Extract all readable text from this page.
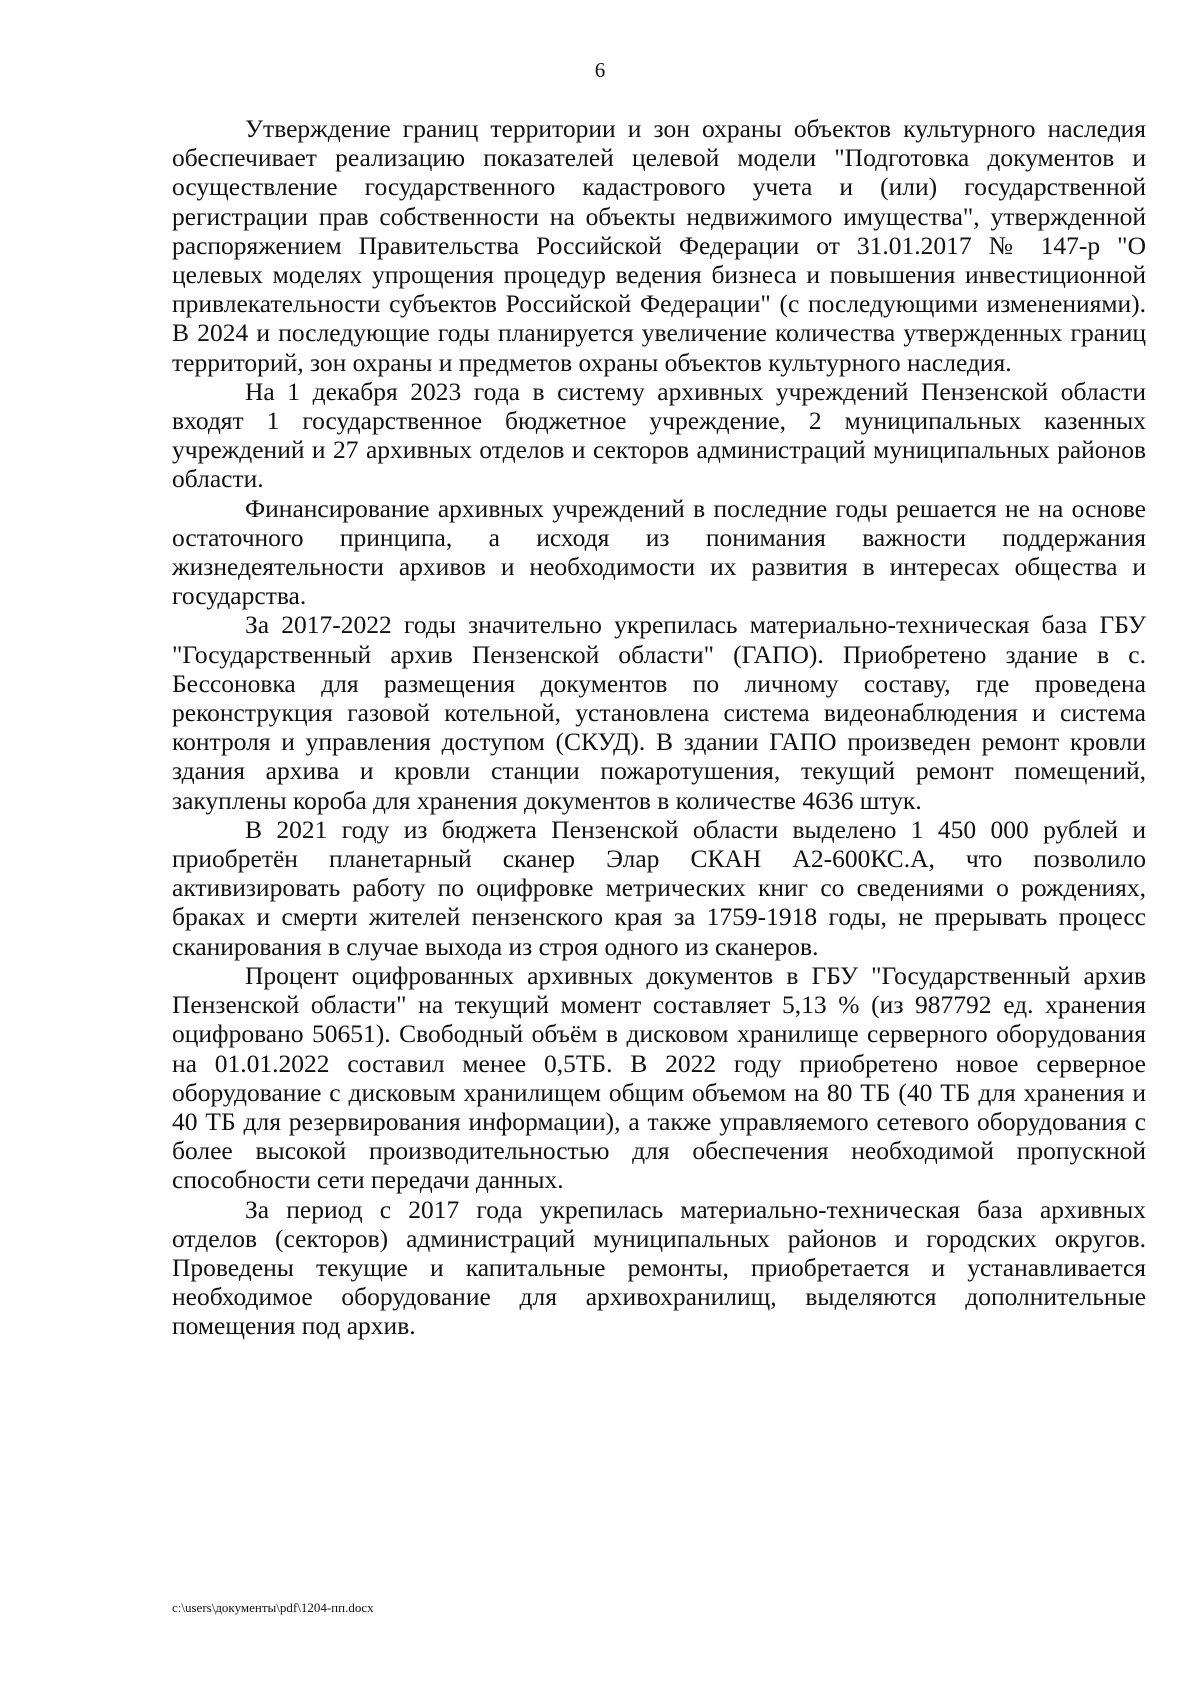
6

Утверждение границ территории и зон охраны объектов культурного наследия обеспечивает реализацию показателей целевой модели "Подготовка документов и осуществление государственного кадастрового учета и (или) государственной регистрации прав собственности на объекты недвижимого имущества", утвержденной распоряжением Правительства Российской Федерации от 31.01.2017 № 147-р "О целевых моделях упрощения процедур ведения бизнеса и повышения инвестиционной привлекательности субъектов Российской Федерации" (с последующими изменениями). В 2024 и последующие годы планируется увеличение количества утвержденных границ территорий, зон охраны и предметов охраны объектов культурного наследия.

На 1 декабря 2023 года в систему архивных учреждений Пензенской области входят 1 государственное бюджетное учреждение, 2 муниципальных казенных учреждений и 27 архивных отделов и секторов администраций муниципальных районов области.

Финансирование архивных учреждений в последние годы решается не на основе остаточного принципа, а исходя из понимания важности поддержания жизнедеятельности архивов и необходимости их развития в интересах общества и государства.

За 2017-2022 годы значительно укрепилась материально-техническая база ГБУ "Государственный архив Пензенской области" (ГАПО). Приобретено здание в с. Бессоновка для размещения документов по личному составу, где проведена реконструкция газовой котельной, установлена система видеонаблюдения и система контроля и управления доступом (СКУД). В здании ГАПО произведен ремонт кровли здания архива и кровли станции пожаротушения, текущий ремонт помещений, закуплены короба для хранения документов в количестве 4636 штук.

В 2021 году из бюджета Пензенской области выделено 1 450 000 рублей и приобретён планетарный сканер Элар СКАН А2-600КС.А, что позволило активизировать работу по оцифровке метрических книг со сведениями о рождениях, браках и смерти жителей пензенского края за 1759-1918 годы, не прерывать процесс сканирования в случае выхода из строя одного из сканеров.

Процент оцифрованных архивных документов в ГБУ "Государственный архив Пензенской области" на текущий момент составляет 5,13 % (из 987792 ед. хранения оцифровано 50651). Свободный объём в дисковом хранилище серверного оборудования на 01.01.2022 составил менее 0,5ТБ. В 2022 году приобретено новое серверное оборудование с дисковым хранилищем общим объемом на 80 ТБ (40 ТБ для хранения и 40 ТБ для резервирования информации), а также управляемого сетевого оборудования с более высокой производительностью для обеспечения необходимой пропускной способности сети передачи данных.

За период с 2017 года укрепилась материально-техническая база архивных отделов (секторов) администраций муниципальных районов и городских округов. Проведены текущие и капитальные ремонты, приобретается и устанавливается необходимое оборудование для архивохранилищ, выделяются дополнительные помещения под архив.

c:\users\документы\pdf\1204-пп.docx
